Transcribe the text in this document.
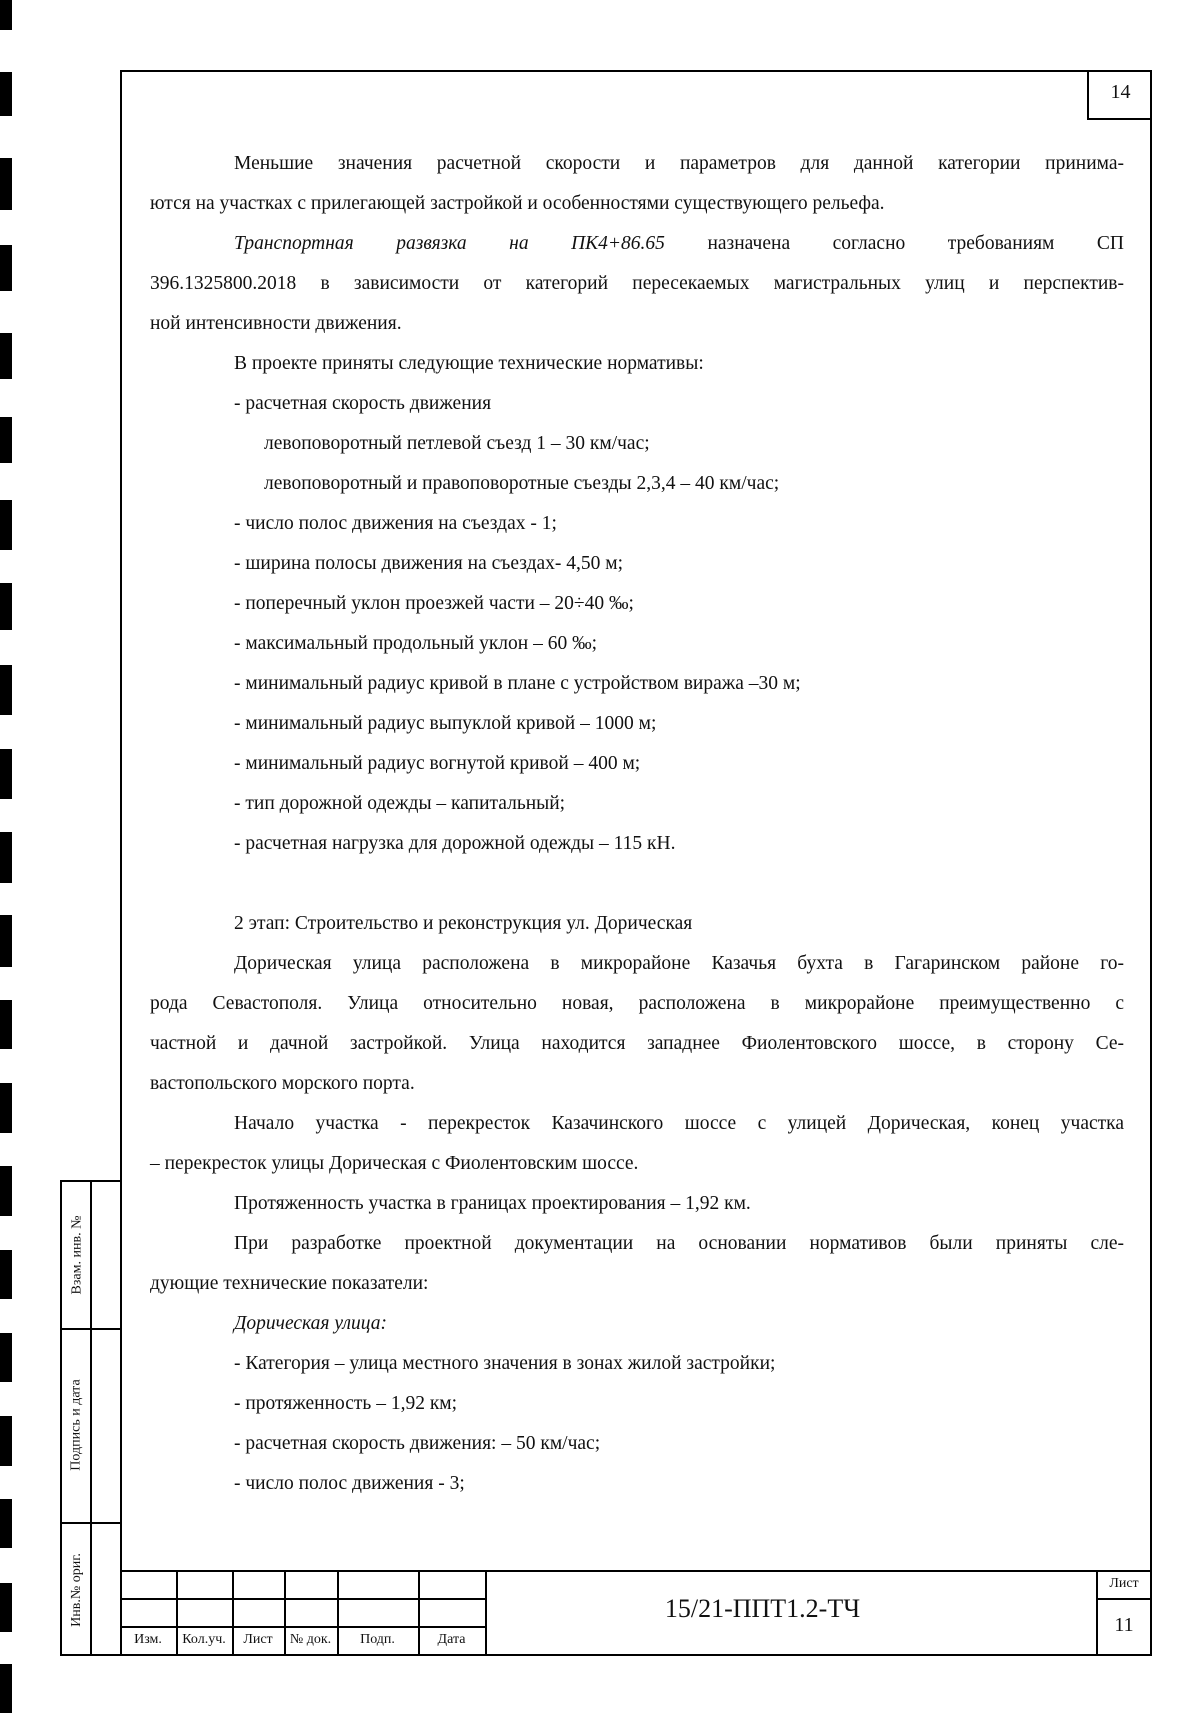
14
Меньшие значения расчетной скорости и параметров для данной категории принима-
ются на участках с прилегающей застройкой и особенностями существующего рельефа.
Транспортная развязка на ПК4+86.65 назначена согласно требованиям СП
396.1325800.2018 в зависимости от категорий пересекаемых магистральных улиц и перспектив-
ной интенсивности движения.
В проекте приняты следующие технические нормативы:
- расчетная скорость движения
левоповоротный петлевой съезд 1 – 30 км/час;
левоповоротный и правоповоротные съезды 2,3,4 – 40 км/час;
- число полос движения на съездах - 1;
- ширина полосы движения на съездах- 4,50 м;
- поперечный уклон проезжей части – 20÷40 ‰;
- максимальный продольный уклон – 60 ‰;
- минимальный радиус кривой в плане с устройством виража –30 м;
- минимальный радиус выпуклой кривой – 1000 м;
- минимальный радиус вогнутой кривой – 400 м;
- тип дорожной одежды – капитальный;
- расчетная нагрузка для дорожной одежды – 115 кН.
2 этап: Строительство и реконструкция ул. Дорическая
Дорическая улица расположена в микрорайоне Казачья бухта в Гагаринском районе го-
рода Севастополя. Улица относительно новая, расположена в микрорайоне преимущественно с
частной и дачной застройкой. Улица находится западнее Фиолентовского шоссе, в сторону Се-
вастопольского морского порта.
Начало участка - перекресток Казачинского шоссе с улицей Дорическая, конец участка
– перекресток улицы Дорическая с Фиолентовским шоссе.
Протяженность участка в границах проектирования – 1,92 км.
При разработке проектной документации на основании нормативов были приняты сле-
дующие технические показатели:
Дорическая улица:
- Категория – улица местного значения в зонах жилой застройки;
- протяженность – 1,92 км;
- расчетная скорость движения: – 50 км/час;
- число полос движения - 3;
Взам. инв. №
Подпись и дата
Инв.№ ориг.
Изм.	Кол.уч.	Лист	№ док.	Подп.	Дата
15/21-ППТ1.2-ТЧ
Лист
11
